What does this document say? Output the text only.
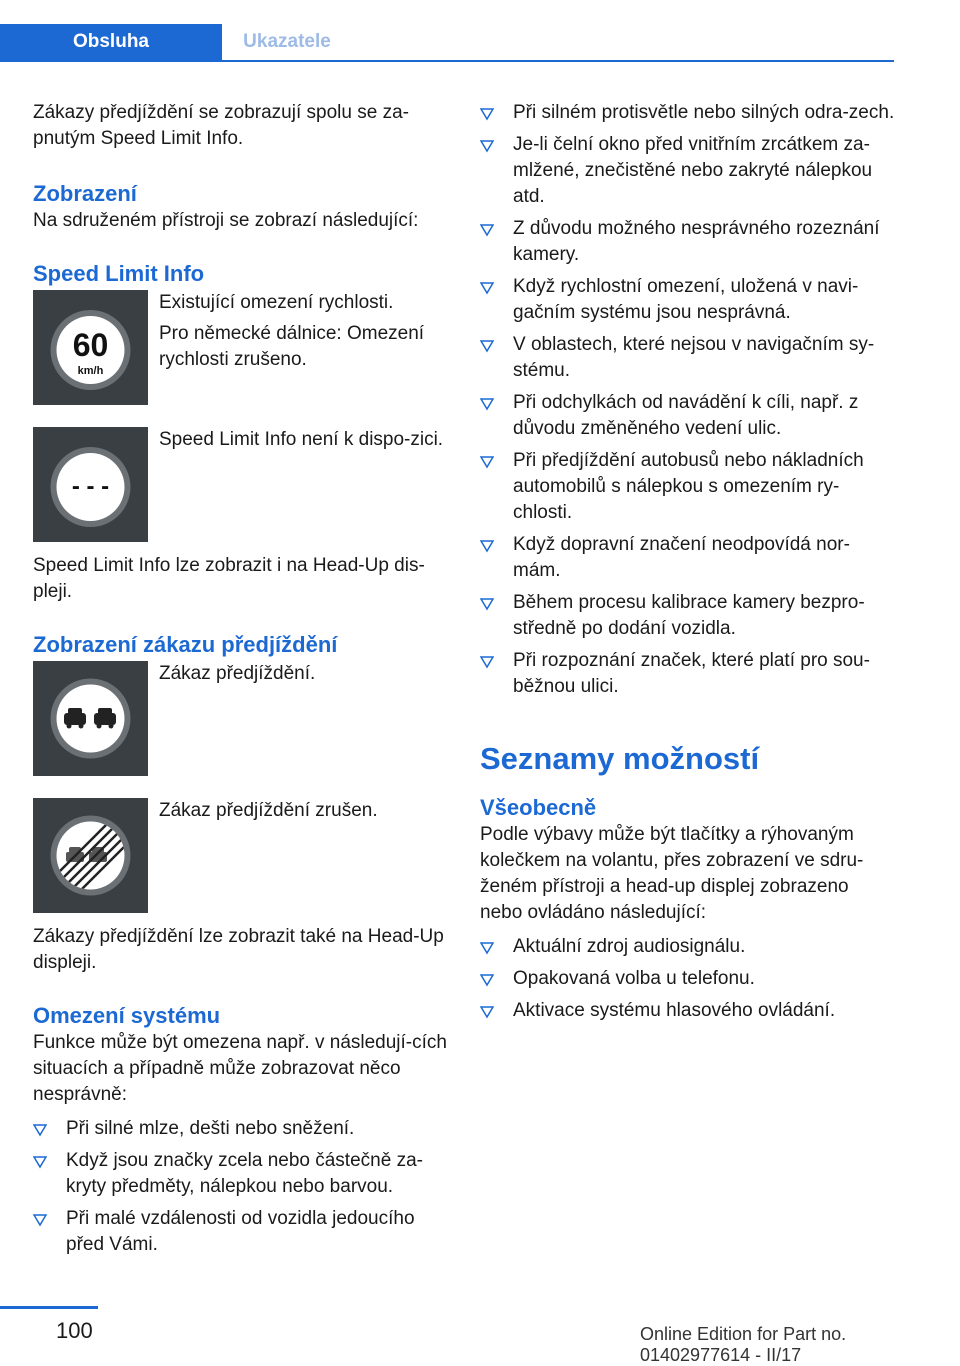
Obsluha	Ukazatele

Zákazy předjíždění se zobrazují spolu se za‐pnutým Speed Limit Info.

Zobrazení

Na sdruženém přístroji se zobrazí následující:

Speed Limit Info
60
km/h

Existující omezení rychlosti.

Pro německé dálnice: Omezení rychlosti zrušeno.

- - -

Speed Limit Info není k dispo‐zici.

Speed Limit Info lze zobrazit i na Head-Up dis‐pleji.

Zobrazení zákazu předjíždění

Zákaz předjíždění.

Zákaz předjíždění zrušen.

Zákazy předjíždění lze zobrazit také na Head-Up displeji.

Omezení systému

Funkce může být omezena např. v následují‐cích situacích a případně může zobrazovat něco nesprávně:

Při silné mlze, dešti nebo sněžení.
Když jsou značky zcela nebo částečně za‐kryty předměty, nálepkou nebo barvou.
Při malé vzdálenosti od vozidla jedoucího před Vámi.
Při silném protisvětle nebo silných odra‐zech.
Je-li čelní okno před vnitřním zrcátkem za‐mlžené, znečistěné nebo zakryté nálepkou atd.
Z důvodu možného nesprávného rozeznání kamery.
Když rychlostní omezení, uložená v navi‐gačním systému jsou nesprávná.
V oblastech, které nejsou v navigačním sy‐stému.
Při odchylkách od navádění k cíli, např. z důvodu změněného vedení ulic.
Při předjíždění autobusů nebo nákladních automobilů s nálepkou s omezením ry‐chlosti.
Když dopravní značení neodpovídá nor‐mám.
Během procesu kalibrace kamery bezpro‐středně po dodání vozidla.
Při rozpoznání značek, které platí pro sou‐běžnou ulici.
Seznamy možností
Všeobecně

Podle výbavy může být tlačítky a rýhovaným kolečkem na volantu, přes zobrazení ve sdru‐ženém přístroji a head-up displej zobrazeno nebo ovládáno následující:

Aktuální zdroj audiosignálu.
Opakovaná volba u telefonu.
Aktivace systému hlasového ovládání.
100	Online Edition for Part no. 01402977614 - II/17
